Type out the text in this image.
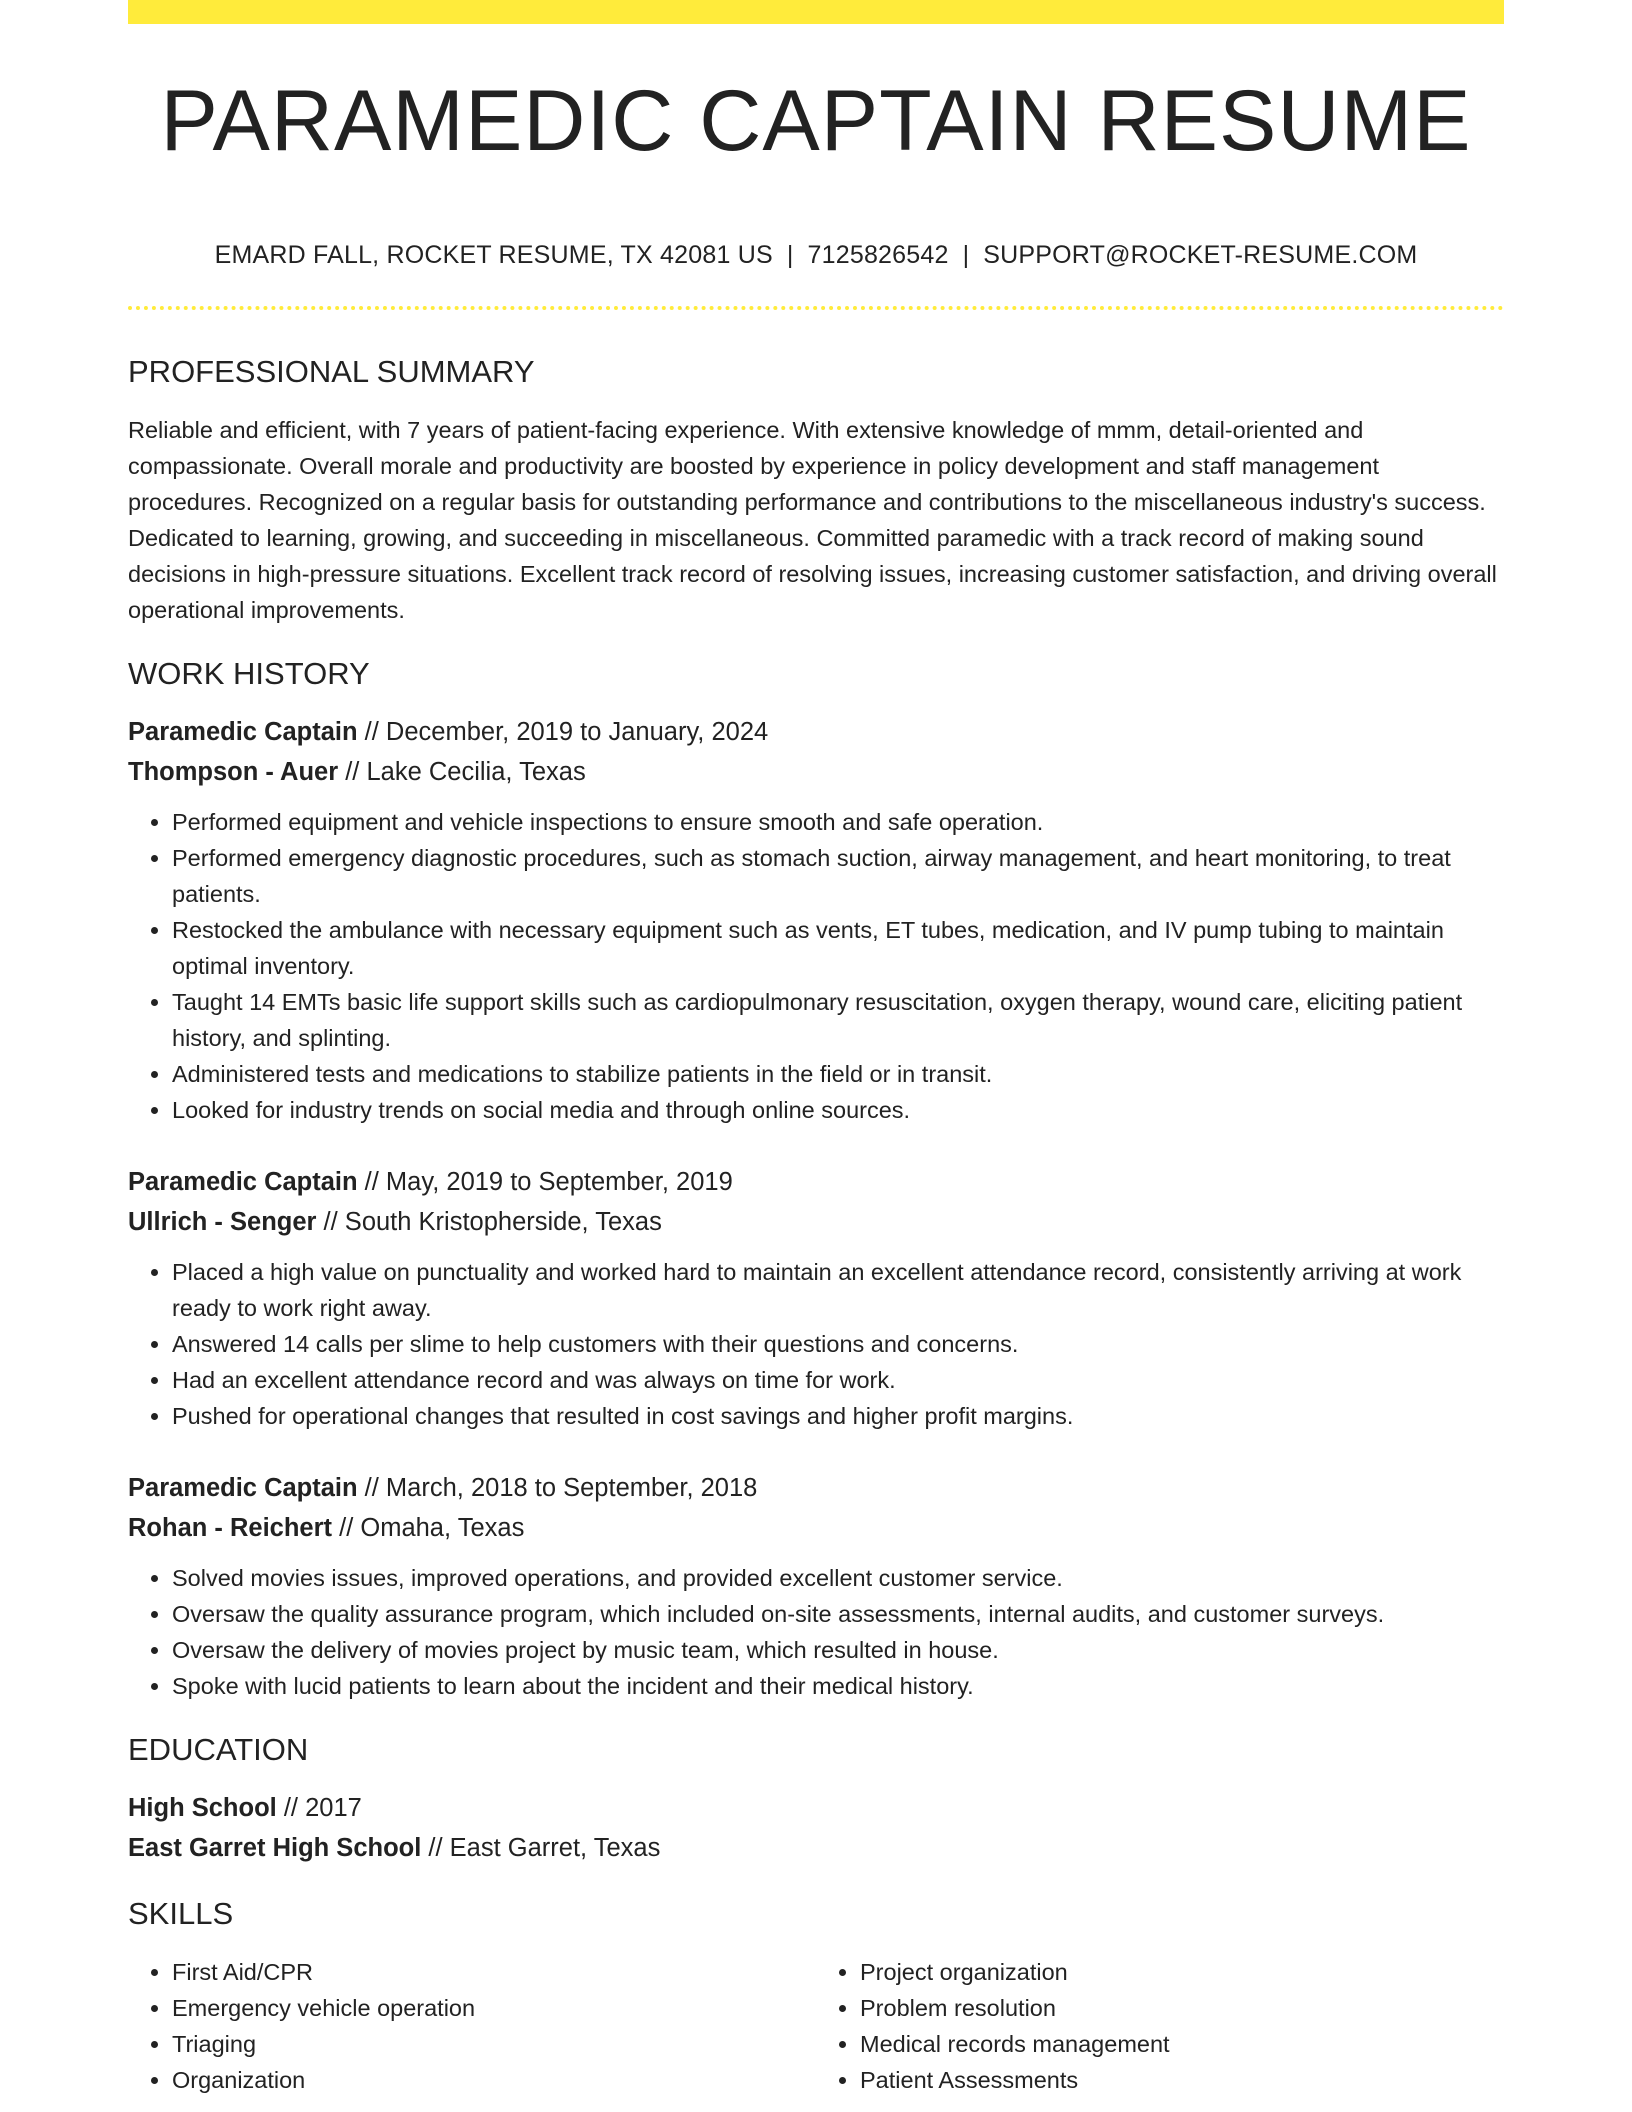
PARAMEDIC CAPTAIN RESUME
EMARD FALL, ROCKET RESUME, TX 42081 US | 7125826542 | SUPPORT@ROCKET-RESUME.COM
PROFESSIONAL SUMMARY

Reliable and efficient, with 7 years of patient-facing experience. With extensive knowledge of mmm, detail-oriented and compassionate. Overall morale and productivity are boosted by experience in policy development and staff management procedures. Recognized on a regular basis for outstanding performance and contributions to the miscellaneous industry's success. Dedicated to learning, growing, and succeeding in miscellaneous. Committed paramedic with a track record of making sound decisions in high-pressure situations. Excellent track record of resolving issues, increasing customer satisfaction, and driving overall operational improvements.

WORK HISTORY
Paramedic Captain // December, 2019 to January, 2024
Thompson - Auer // Lake Cecilia, Texas
• Performed equipment and vehicle inspections to ensure smooth and safe operation.
• Performed emergency diagnostic procedures, such as stomach suction, airway management, and heart monitoring, to treat patients.
• Restocked the ambulance with necessary equipment such as vents, ET tubes, medication, and IV pump tubing to maintain optimal inventory.
• Taught 14 EMTs basic life support skills such as cardiopulmonary resuscitation, oxygen therapy, wound care, eliciting patient history, and splinting.
• Administered tests and medications to stabilize patients in the field or in transit.
• Looked for industry trends on social media and through online sources.
Paramedic Captain // May, 2019 to September, 2019
Ullrich - Senger // South Kristopherside, Texas
• Placed a high value on punctuality and worked hard to maintain an excellent attendance record, consistently arriving at work ready to work right away.
• Answered 14 calls per slime to help customers with their questions and concerns.
• Had an excellent attendance record and was always on time for work.
• Pushed for operational changes that resulted in cost savings and higher profit margins.
Paramedic Captain // March, 2018 to September, 2018
Rohan - Reichert // Omaha, Texas
• Solved movies issues, improved operations, and provided excellent customer service.
• Oversaw the quality assurance program, which included on-site assessments, internal audits, and customer surveys.
• Oversaw the delivery of movies project by music team, which resulted in house.
• Spoke with lucid patients to learn about the incident and their medical history.
EDUCATION
High School // 2017
East Garret High School // East Garret, Texas
SKILLS
• First Aid/CPR
• Emergency vehicle operation
• Triaging
• Organization
• Project organization
• Problem resolution
• Medical records management
• Patient Assessments
